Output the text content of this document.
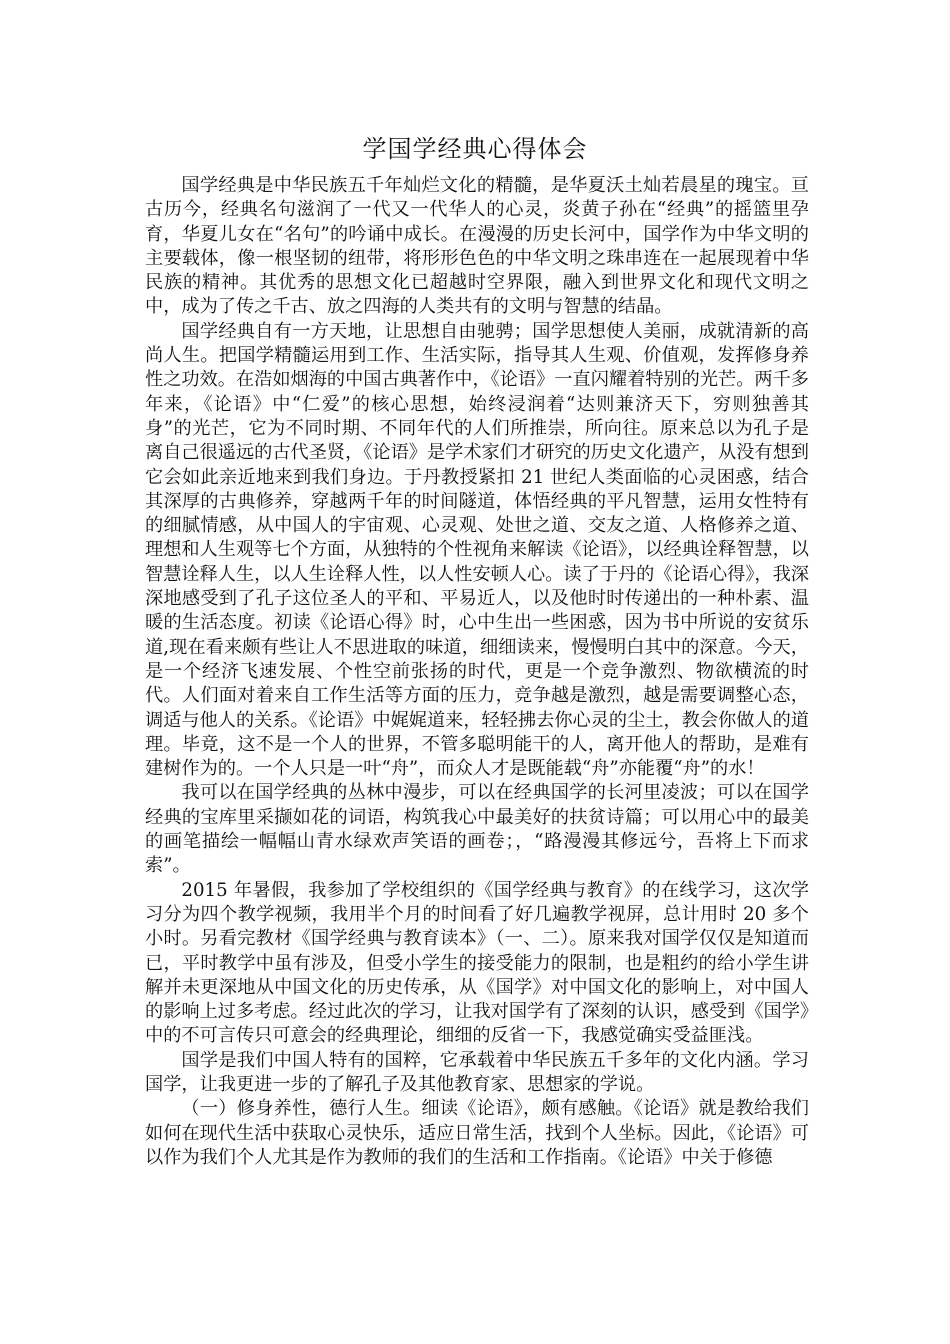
学国学经典心得体会

国学经典是中华民族五千年灿烂文化的精髓，是华夏沃土灿若晨星的瑰宝。亘古历今，经典名句滋润了一代又一代华人的心灵，炎黄子孙在“经典”的摇篮里孕育，华夏儿女在“名句”的吟诵中成长。在漫漫的历史长河中，国学作为中华文明的主要载体，像一根坚韧的纽带，将形形色色的中华文明之珠串连在一起展现着中华民族的精神。其优秀的思想文化已超越时空界限，融入到世界文化和现代文明之中，成为了传之千古、放之四海的人类共有的文明与智慧的结晶。

国学经典自有一方天地，让思想自由驰骋；国学思想使人美丽，成就清新的高尚人生。把国学精髓运用到工作、生活实际，指导其人生观、价值观，发挥修身养性之功效。在浩如烟海的中国古典著作中，《论语》一直闪耀着特别的光芒。两千多年来，《论语》中“仁爱”的核心思想，始终浸润着“达则兼济天下，穷则独善其身”的光芒，它为不同时期、不同年代的人们所推崇，所向往。原来总以为孔子是离自己很遥远的古代圣贤，《论语》是学术家们才研究的历史文化遗产，从没有想到它会如此亲近地来到我们身边。于丹教授紧扣 21 世纪人类面临的心灵困惑，结合其深厚的古典修养，穿越两千年的时间隧道，体悟经典的平凡智慧，运用女性特有的细腻情感，从中国人的宇宙观、心灵观、处世之道、交友之道、人格修养之道、理想和人生观等七个方面，从独特的个性视角来解读《论语》，以经典诠释智慧，以智慧诠释人生，以人生诠释人性，以人性安顿人心。读了于丹的《论语心得》，我深深地感受到了孔子这位圣人的平和、平易近人，以及他时时传递出的一种朴素、温暖的生活态度。初读《论语心得》时，心中生出一些困惑，因为书中所说的安贫乐道,现在看来颇有些让人不思进取的味道，细细读来，慢慢明白其中的深意。今天，是一个经济飞速发展、个性空前张扬的时代，更是一个竞争激烈、物欲横流的时代。人们面对着来自工作生活等方面的压力，竞争越是激烈，越是需要调整心态，调适与他人的关系。《论语》中娓娓道来，轻轻拂去你心灵的尘土，教会你做人的道理。毕竟，这不是一个人的世界，不管多聪明能干的人，离开他人的帮助，是难有建树作为的。一个人只是一叶“舟”，而众人才是既能载“舟”亦能覆“舟”的水！

我可以在国学经典的丛林中漫步，可以在经典国学的长河里凌波；可以在国学经典的宝库里采撷如花的词语，构筑我心中最美好的扶贫诗篇；可以用心中的最美的画笔描绘一幅幅山青水绿欢声笑语的画卷；，“路漫漫其修远兮，吾将上下而求索”。

2015 年暑假，我参加了学校组织的《国学经典与教育》的在线学习，这次学习分为四个教学视频，我用半个月的时间看了好几遍教学视屏，总计用时 20 多个小时。另看完教材《国学经典与教育读本》（一、二）。原来我对国学仅仅是知道而已，平时教学中虽有涉及，但受小学生的接受能力的限制，也是粗约的给小学生讲解并未更深地从中国文化的历史传承，从《国学》对中国文化的影响上，对中国人的影响上过多考虑。经过此次的学习，让我对国学有了深刻的认识，感受到《国学》中的不可言传只可意会的经典理论，细细的反省一下，我感觉确实受益匪浅。

国学是我们中国人特有的国粹，它承载着中华民族五千多年的文化内涵。学习国学，让我更进一步的了解孔子及其他教育家、思想家的学说。

（一）修身养性，德行人生。细读《论语》，颇有感触。《论语》就是教给我们如何在现代生活中获取心灵快乐，适应日常生活，找到个人坐标。因此，《论语》可以作为我们个人尤其是作为教师的我们的生活和工作指南。《论语》中关于修德
